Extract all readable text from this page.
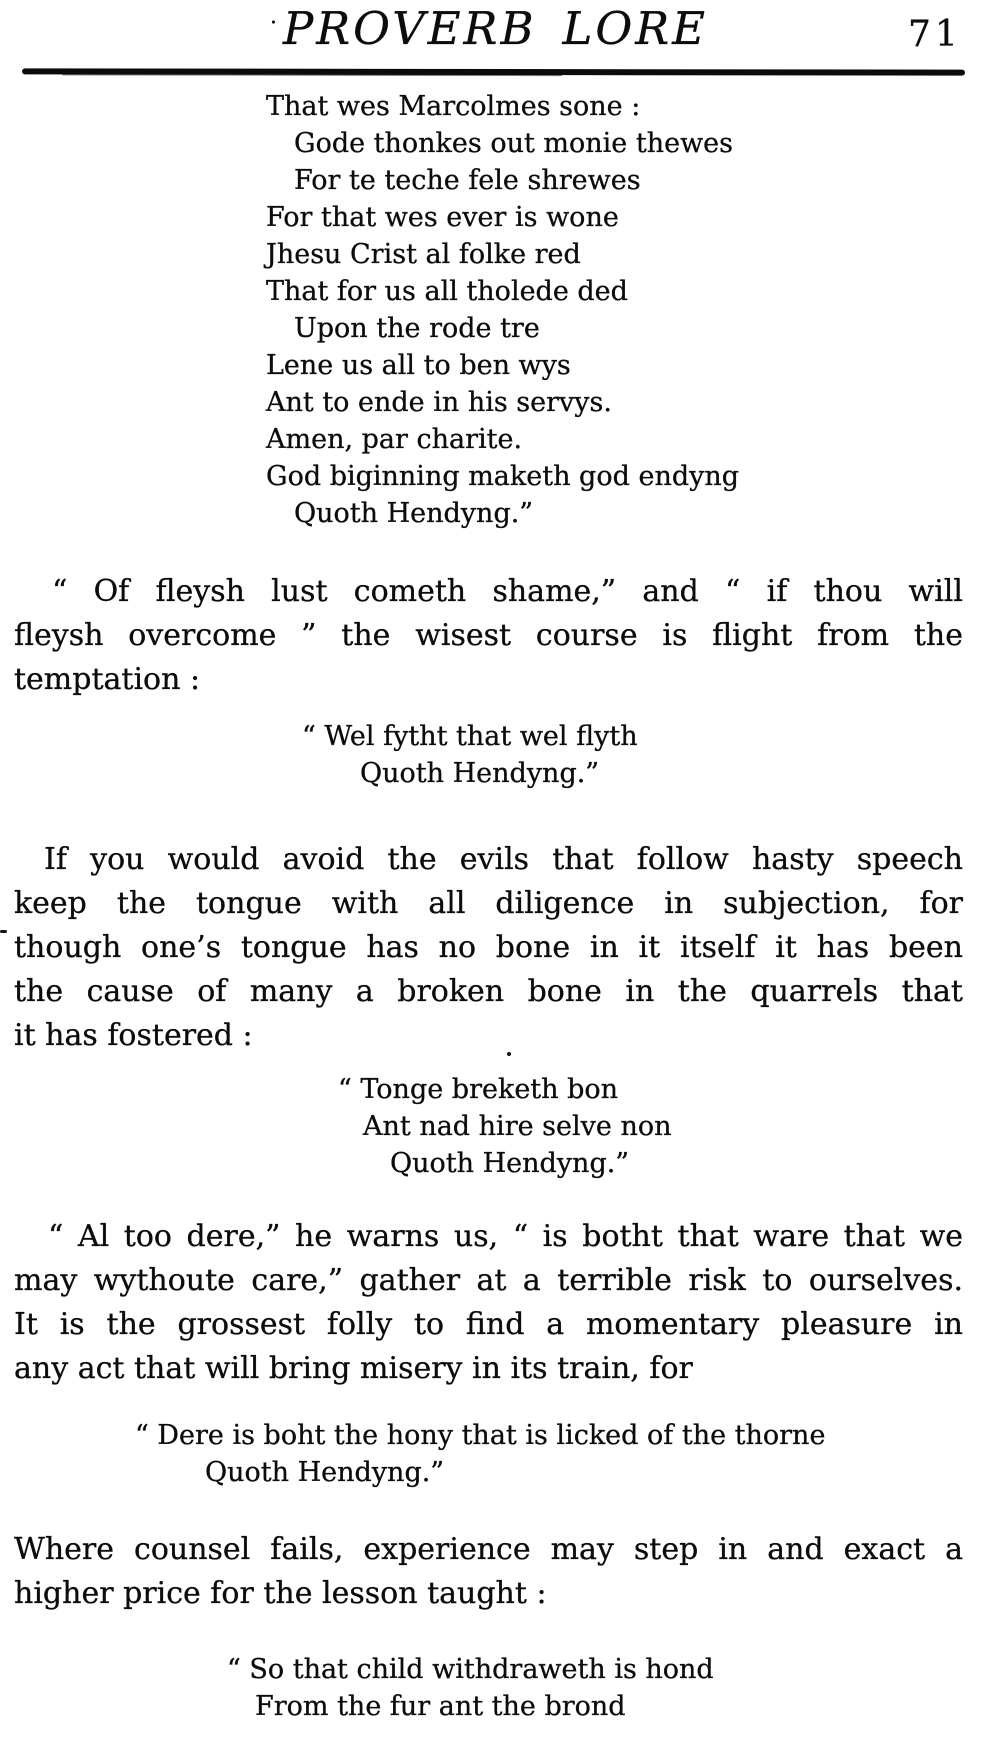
· PROVERB LORE	71
That wes Marcolmes sone :
Gode thonkes out monie thewes
For te teche fele shrewes
For that wes ever is wone
Jhesu Crist al folke red
That for us all tholede ded
Upon the rode tre
Lene us all to ben wys
Ant to ende in his servys.
Amen, par charite.
God biginning maketh god endyng
Quoth Hendyng.”
“ Of fleysh lust cometh shame,” and “ if thou will
fleysh overcome ” the wisest course is flight from the
temptation :
“ Wel fytht that wel flyth
Quoth Hendyng.”
If you would avoid the evils that follow hasty speech
keep the tongue with all diligence in subjection, for
though one’s tongue has no bone in it itself it has been
the cause of many a broken bone in the quarrels that
it has fostered :
“ Tonge breketh bon
Ant nad hire selve non
Quoth Hendyng.”
“ Al too dere,” he warns us, “ is botht that ware that we
may wythoute care,” gather at a terrible risk to ourselves.
It is the grossest folly to find a momentary pleasure in
any act that will bring misery in its train, for
“ Dere is boht the hony that is licked of the thorne
Quoth Hendyng.”
Where counsel fails, experience may step in and exact a
higher price for the lesson taught :
“ So that child withdraweth is hond
From the fur ant the brond
